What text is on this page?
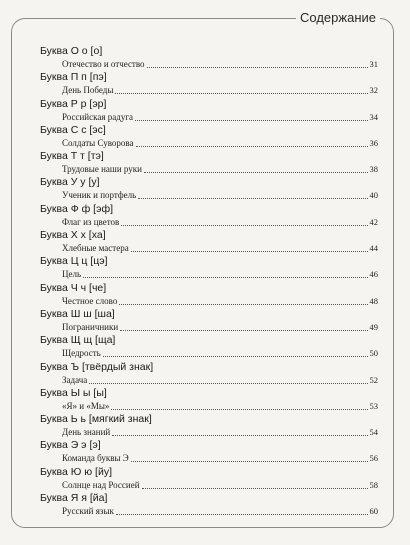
Содержание
Буква О о [о]
Отечество и отчество	31
Буква П п [пэ]
День Победы	32
Буква Р р [эр]
Российская радуга	34
Буква С с [эс]
Солдаты Суворова	36
Буква Т т [тэ]
Трудовые наши руки	38
Буква У у [у]
Ученик и портфель	40
Буква Ф ф [эф]
Флаг из цветов	42
Буква Х х [ха]
Хлебные мастера	44
Буква Ц ц [цэ]
Цель	46
Буква Ч ч [че]
Честное слово	48
Буква Ш ш [ша]
Пограничники	49
Буква Щ щ [ща]
Щедрость	50
Буква Ъ [твёрдый знак]
Задача	52
Буква Ы ы [ы]
«Я» и «Мы»	53
Буква Ь ь [мягкий знак]
День знаний	54
Буква Э э [э]
Команда буквы Э	56
Буква Ю ю [йу]
Солнце над Россией	58
Буква Я я [йа]
Русский язык	60
